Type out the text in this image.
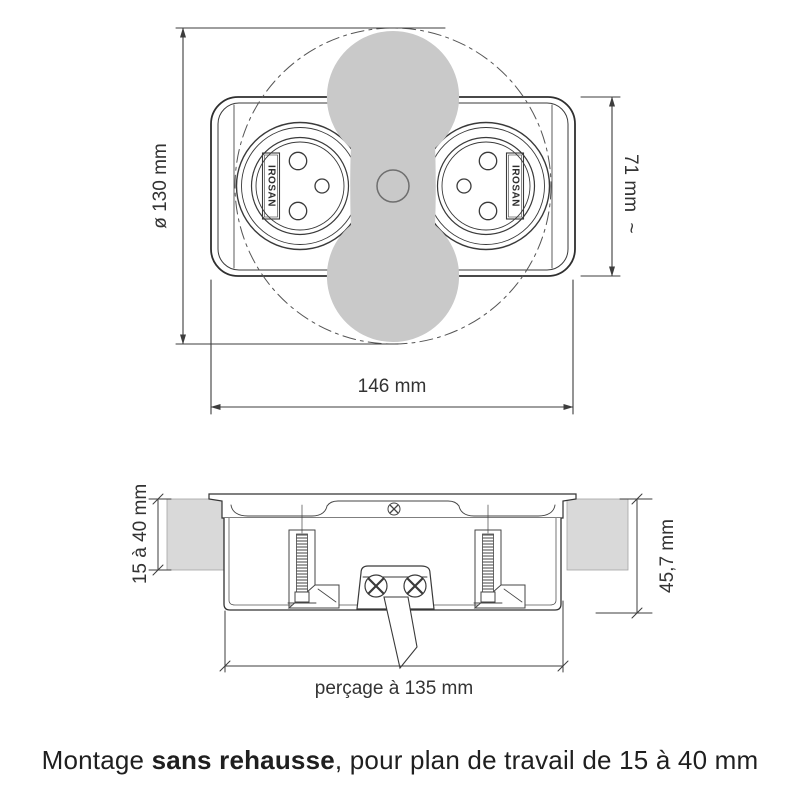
IROSAN	IROSAN
ø 130 mm	71 mm
~
146 mm
15 à 40 mm	45,7 mm
perçage à 135 mm
Montage sans rehausse, pour plan de travail de 15 à 40 mm
